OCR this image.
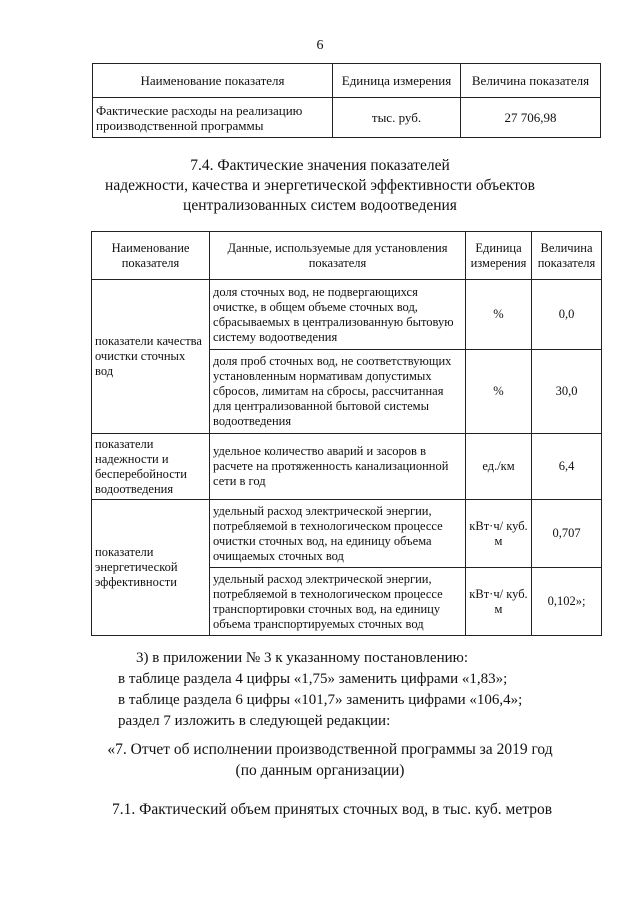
6
Наименование показателя	Единица измерения	Величина показателя
Фактические расходы на реализацию производственной программы	тыс. руб.	27 706,98
7.4. Фактические значения показателей
надежности, качества и энергетической эффективности объектов
централизованных систем водоотведения
Наименование показателя	Данные, используемые для установления показателя	Единица измерения	Величина показателя
показатели качества очистки сточных вод	доля сточных вод, не подвергающихся очистке, в общем объеме сточных вод, сбрасываемых в централизованную бытовую систему водоотведения	%	0,0
	доля проб сточных вод, не соответствующих установленным нормативам допустимых сбросов, лимитам на сбросы, рассчитанная для централизованной бытовой системы водоотведения	%	30,0
показатели надежности и бесперебойности водоотведения	удельное количество аварий и засоров в расчете на протяженность канализационной сети в год	ед./км	6,4
показатели энергетической эффективности	удельный расход электрической энергии, потребляемой в технологическом процессе очистки сточных вод, на единицу объема очищаемых сточных вод	кВт·ч/ куб. м	0,707
	удельный расход электрической энергии, потребляемой в технологическом процессе транспортировки сточных вод, на единицу объема транспортируемых сточных вод	кВт·ч/ куб. м	0,102»;
3) в приложении № 3 к указанному постановлению:
в таблице раздела 4 цифры «1,75» заменить цифрами «1,83»;
в таблице раздела 6 цифры «101,7» заменить цифрами «106,4»;
раздел 7 изложить в следующей редакции:
«7. Отчет об исполнении производственной программы за 2019 год
(по данным организации)
7.1. Фактический объем принятых сточных вод, в тыс. куб. метров
